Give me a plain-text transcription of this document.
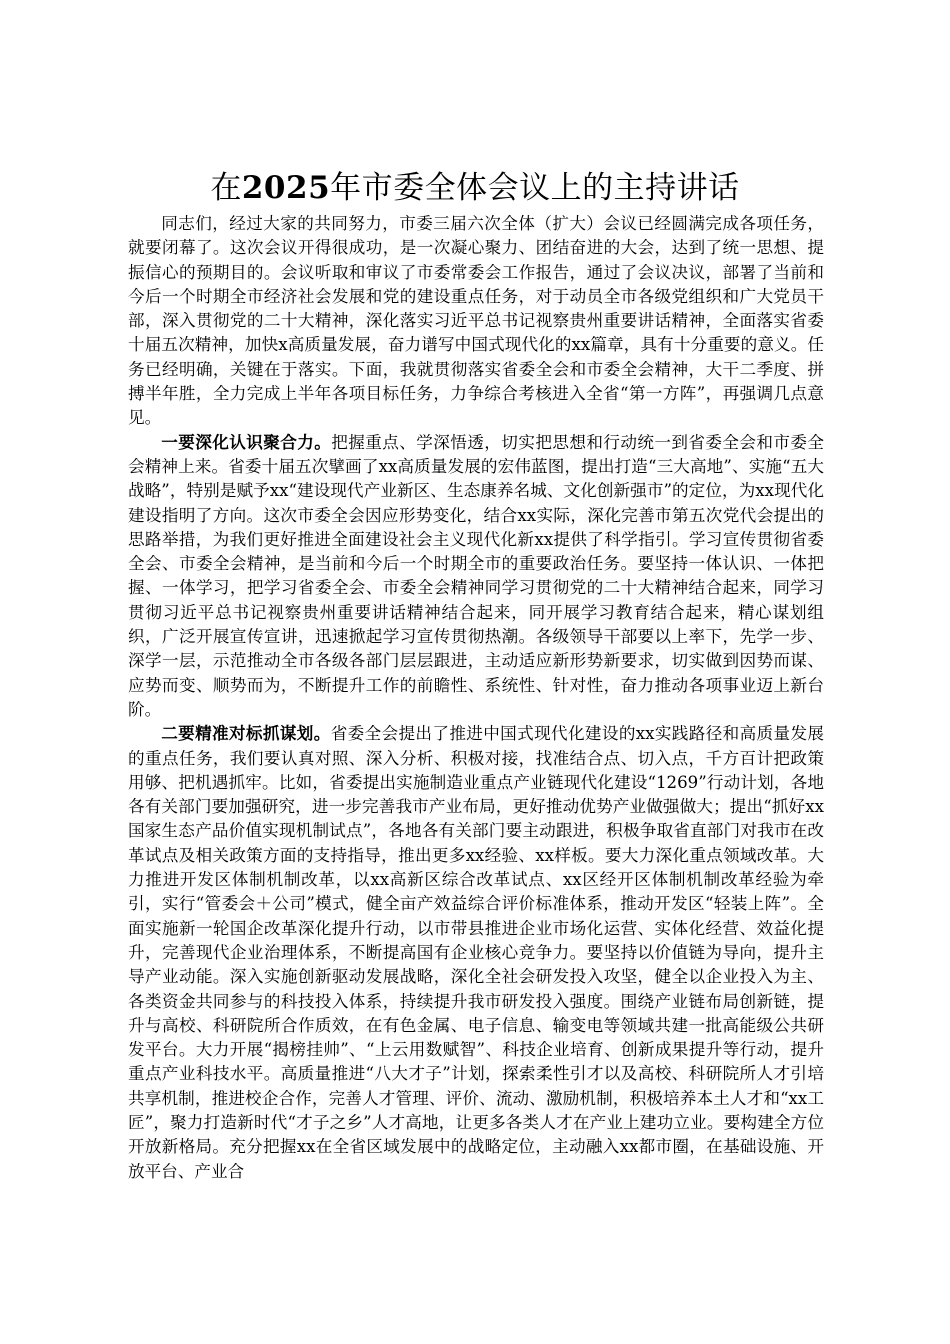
在2025年市委全体会议上的主持讲话

同志们，经过大家的共同努力，市委三届六次全体（扩大）会议已经圆满完成各项任务，就要闭幕了。这次会议开得很成功，是一次凝心聚力、团结奋进的大会，达到了统一思想、提振信心的预期目的。会议听取和审议了市委常委会工作报告，通过了会议决议，部署了当前和今后一个时期全市经济社会发展和党的建设重点任务，对于动员全市各级党组织和广大党员干部，深入贯彻党的二十大精神，深化落实习近平总书记视察贵州重要讲话精神，全面落实省委十届五次精神，加快x高质量发展，奋力谱写中国式现代化的xx篇章，具有十分重要的意义。任务已经明确，关键在于落实。下面，我就贯彻落实省委全会和市委全会精神，大干二季度、拼搏半年胜，全力完成上半年各项目标任务，力争综合考核进入全省“第一方阵”，再强调几点意见。

一要深化认识聚合力。把握重点、学深悟透，切实把思想和行动统一到省委全会和市委全会精神上来。省委十届五次擘画了xx高质量发展的宏伟蓝图，提出打造“三大高地”、实施“五大战略”，特别是赋予xx“建设现代产业新区、生态康养名城、文化创新强市”的定位，为xx现代化建设指明了方向。这次市委全会因应形势变化，结合xx实际，深化完善市第五次党代会提出的思路举措，为我们更好推进全面建设社会主义现代化新xx提供了科学指引。学习宣传贯彻省委全会、市委全会精神，是当前和今后一个时期全市的重要政治任务。要坚持一体认识、一体把握、一体学习，把学习省委全会、市委全会精神同学习贯彻党的二十大精神结合起来，同学习贯彻习近平总书记视察贵州重要讲话精神结合起来，同开展学习教育结合起来，精心谋划组织，广泛开展宣传宣讲，迅速掀起学习宣传贯彻热潮。各级领导干部要以上率下，先学一步、深学一层，示范推动全市各级各部门层层跟进，主动适应新形势新要求，切实做到因势而谋、应势而变、顺势而为，不断提升工作的前瞻性、系统性、针对性，奋力推动各项事业迈上新台阶。

二要精准对标抓谋划。省委全会提出了推进中国式现代化建设的xx实践路径和高质量发展的重点任务，我们要认真对照、深入分析、积极对接，找准结合点、切入点，千方百计把政策用够、把机遇抓牢。比如，省委提出实施制造业重点产业链现代化建设“1269”行动计划，各地各有关部门要加强研究，进一步完善我市产业布局，更好推动优势产业做强做大；提出“抓好xx国家生态产品价值实现机制试点”，各地各有关部门要主动跟进，积极争取省直部门对我市在改革试点及相关政策方面的支持指导，推出更多xx经验、xx样板。要大力深化重点领域改革。大力推进开发区体制机制改革，以xx高新区综合改革试点、xx区经开区体制机制改革经验为牵引，实行“管委会＋公司”模式，健全亩产效益综合评价标准体系，推动开发区“轻装上阵”。全面实施新一轮国企改革深化提升行动，以市带县推进企业市场化运营、实体化经营、效益化提升，完善现代企业治理体系，不断提高国有企业核心竞争力。要坚持以价值链为导向，提升主导产业动能。深入实施创新驱动发展战略，深化全社会研发投入攻坚，健全以企业投入为主、各类资金共同参与的科技投入体系，持续提升我市研发投入强度。围绕产业链布局创新链，提升与高校、科研院所合作质效，在有色金属、电子信息、输变电等领域共建一批高能级公共研发平台。大力开展“揭榜挂帅”、“上云用数赋智”、科技企业培育、创新成果提升等行动，提升重点产业科技水平。高质量推进“八大才子”计划，探索柔性引才以及高校、科研院所人才引培共享机制，推进校企合作，完善人才管理、评价、流动、激励机制，积极培养本土人才和“xx工匠”，聚力打造新时代“才子之乡”人才高地，让更多各类人才在产业上建功立业。要构建全方位开放新格局。充分把握xx在全省区域发展中的战略定位，主动融入xx都市圈，在基础设施、开放平台、产业合
